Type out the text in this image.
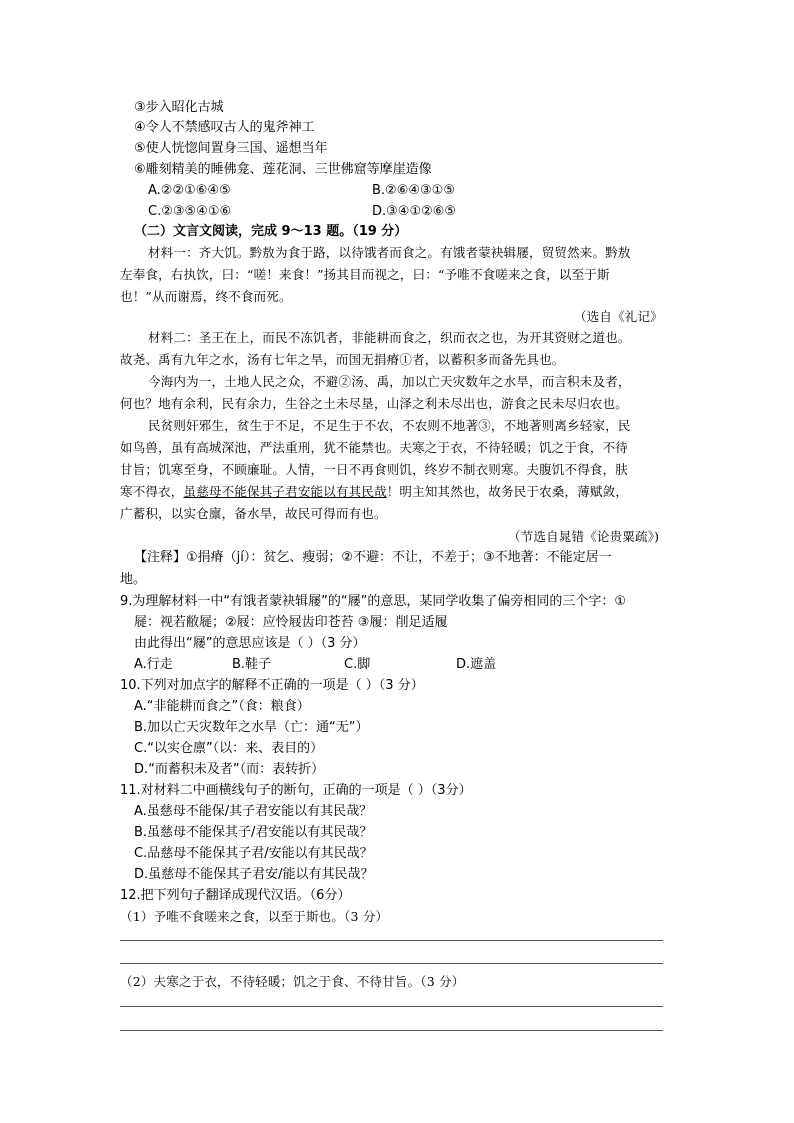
③步入昭化古城
④令人不禁感叹古人的鬼斧神工
⑤使人恍惚间置身三国、遥想当年
⑥雕刻精美的睡佛龛、莲花洞、三世佛窟等摩崖造像
A.②②①⑥④⑤	B.②⑥④③①⑤
C.②③⑤④①⑥	D.③④①②⑥⑤
（二）文言文阅读，完成 9～13 题。（19 分）
材料一：齐大饥。黔敖为食于路，以待饿者而食之。有饿者蒙袂辑屦，贸贸然来。黔敖
左奉食，右执饮，曰：“嗟！来食！”扬其目而视之，曰：“予唯不食嗟来之食，以至于斯
也！”从而谢焉，终不食而死。
（选自《礼记》
材料二：圣王在上，而民不冻饥者，非能耕而食之，织而衣之也，为开其资财之道也。
故尧、禹有九年之水，汤有七年之旱，而国无捐瘠①者，以蓄积多而备先具也。
今海内为一，土地人民之众，不避②汤、禹，加以亡天灾数年之水旱，而言积未及者，
何也？地有余利，民有余力，生谷之土未尽垦，山泽之利未尽出也，游食之民未尽归农也。
民贫则奸邪生，贫生于不足，不足生于不农，不农则不地著③，不地著则离乡轻家，民
如鸟兽，虽有高城深池，严法重刑，犹不能禁也。夫寒之于衣，不待轻暖；饥之于食，不待
甘旨；饥寒至身，不顾廉耻。人情，一日不再食则饥，终岁不制衣则寒。夫腹饥不得食，肤
寒不得衣，虽慈母不能保其子君安能以有其民哉！明主知其然也，故务民于农桑，薄赋敛，
广蓄积，以实仓廪，备水旱，故民可得而有也。
（节选自晁错《论贵粟疏》)
【注释】①捐瘠（jí）：贫乞、瘦弱；②不避：不让，不差于；③不地著：不能定居一
地。
9.为理解材料一中“有饿者蒙袂辑屦”的“屦”的意思，某同学收集了偏旁相同的三个字：①
屣：视若敝屣；②屐：应怜屐齿印苍苔 ③履：削足适履
由此得出“屦”的意思应该是（ ）（3 分）
A.行走	B.鞋子	C.脚	D.遮盖
10.下列对加点字的解释不正确的一项是（ ）（3 分）
A.“非能耕而食之”（食：粮食）
B.加以亡天灾数年之水旱（亡：通“无”）
C.“以实仓廪”（以：来、表目的）
D.“而蓄积未及者”（而：表转折）
11.对材料二中画横线句子的断句，正确的一项是（ ）（3分）
A.虽慈母不能保/其子君安能以有其民哉？
B.虽慈母不能保其子/君安能以有其民哉？
C.品慈母不能保其子君/安能以有其民哉？
D.虽慈母不能保其子君安/能以有其民哉？
12.把下列句子翻译成现代汉语。（6分）
（1）予唯不食嗟来之食，以至于斯也。（3 分）
（2）夫寒之于衣，不待轻暖；饥之于食、不待甘旨。（3 分）
